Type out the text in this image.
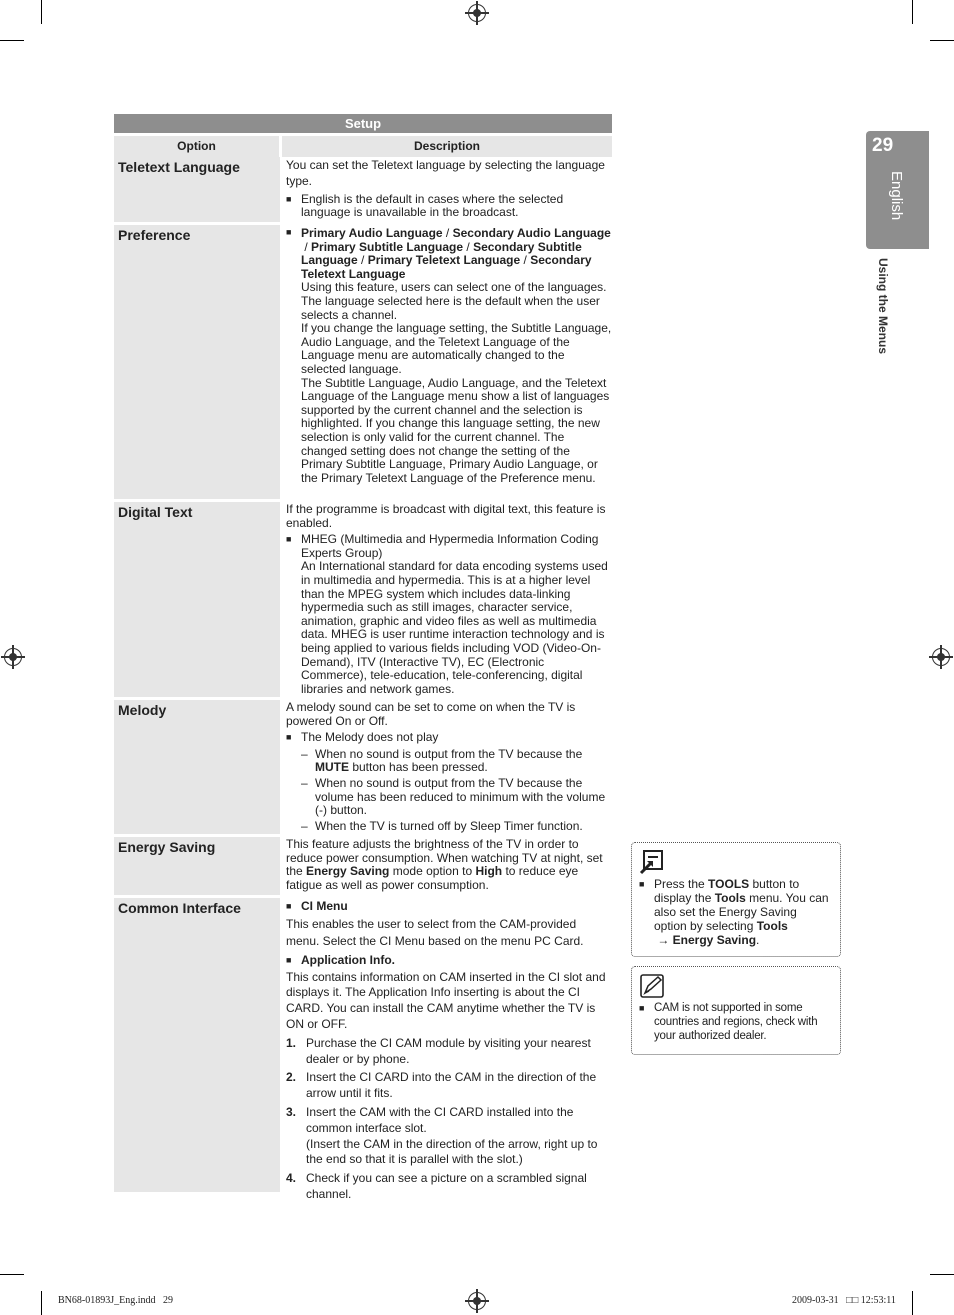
Setup
Option	Description
Teletext Language	You can set the Teletext language by selecting the language type.

■ English is the default in cases where the selected language is unavailable in the broadcast.
Preference	■ Primary Audio Language / Secondary Audio Language / Primary Subtitle Language / Secondary Subtitle Language / Primary Teletext Language / Secondary Teletext Language
Using this feature, users can select one of the languages. The language selected here is the default when the user selects a channel.
If you change the language setting, the Subtitle Language, Audio Language, and the Teletext Language of the Language menu are automatically changed to the selected language.
The Subtitle Language, Audio Language, and the Teletext Language of the Language menu show a list of languages supported by the current channel and the selection is highlighted. If you change this language setting, the new selection is only valid for the current channel. The changed setting does not change the setting of the Primary Subtitle Language, Primary Audio Language, or the Primary Teletext Language of the Preference menu.
Digital Text	If the programme is broadcast with digital text, this feature is enabled.

■ MHEG (Multimedia and Hypermedia Information Coding Experts Group)
An International standard for data encoding systems used in multimedia and hypermedia. This is at a higher level than the MPEG system which includes data-linking hypermedia such as still images, character service, animation, graphic and video files as well as multimedia data. MHEG is user runtime interaction technology and is being applied to various fields including VOD (Video-On-Demand), ITV (Interactive TV), EC (Electronic Commerce), tele-education, tele-conferencing, digital libraries and network games.
Melody	A melody sound can be set to come on when the TV is powered On or Off.

■ The Melody does not play
– When no sound is output from the TV because the MUTE button has been pressed.
– When no sound is output from the TV because the volume has been reduced to minimum with the volume (-) button.
– When the TV is turned off by Sleep Timer function.
Energy Saving	This feature adjusts the brightness of the TV in order to reduce power consumption. When watching TV at night, set the Energy Saving mode option to High to reduce eye fatigue as well as power consumption.

Common Interface	■ CI Menu

This enables the user to select from the CAM-provided menu. Select the CI Menu based on the menu PC Card.

■ Application Info.

This contains information on CAM inserted in the CI slot and displays it. The Application Info inserting is about the CI CARD. You can install the CAM anytime whether the TV is ON or OFF.

1. Purchase the CI CAM module by visiting your nearest dealer or by phone.
2. Insert the CI CARD into the CAM in the direction of the arrow until it fits.
3. Insert the CAM with the CI CARD installed into the common interface slot.
(Insert the CAM in the direction of the arrow, right up to the end so that it is parallel with the slot.)
4. Check if you can see a picture on a scrambled signal channel.
29
English
Using the Menus
■ Press the TOOLS button to display the Tools menu. You can also set the Energy Saving option by selecting Tools → Energy Saving.
■ CAM is not supported in some countries and regions, check with your authorized dealer.
BN68-01893J_Eng.indd   29	2009-03-31   □□ 12:53:11
